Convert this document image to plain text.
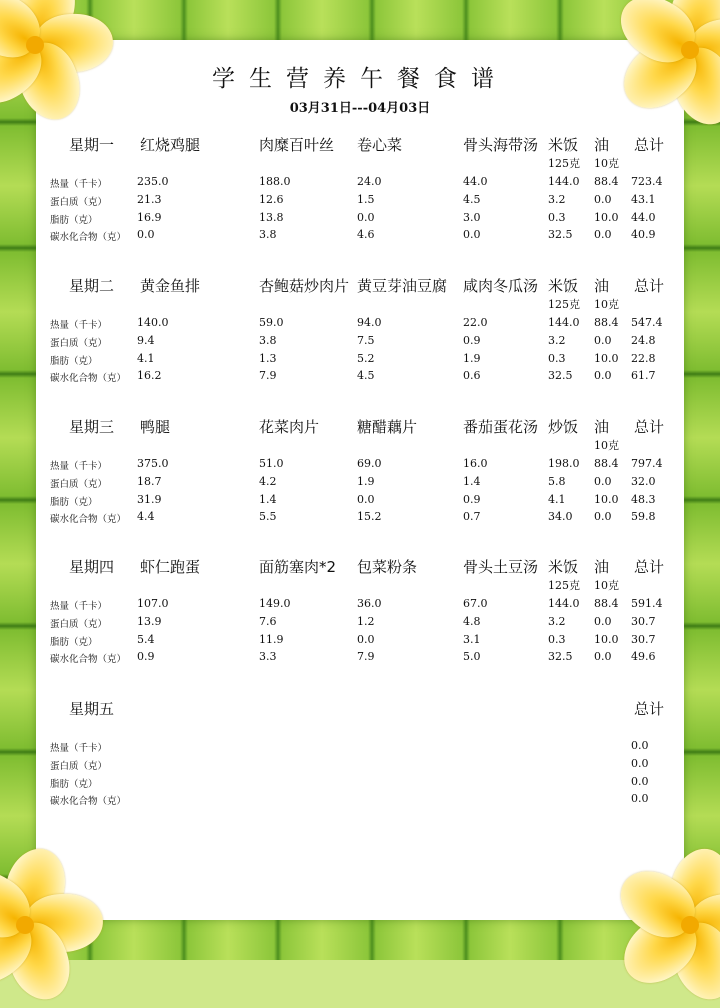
学生营养午餐食谱
03月31日---04月03日
星期一 红烧鸡腿	肉糜百叶丝 卷心菜	骨头海带汤 米饭 油 总计
125克 10克
热量（千卡）	235.0	188.0	24.0	44.0	144.0 88.4 723.4
蛋白质（克）	21.3	12.6	1.5	4.5	3.2	0.0 43.1
脂肪（克）	16.9	13.8	0.0	3.0	0.3	10.0 44.0
碳水化合物（克） 0.0	3.8	4.6	0.0	32.5 0.0 40.9
星期二 黄金鱼排	杏鲍菇炒肉片 黄豆芽油豆腐 咸肉冬瓜汤 米饭 油 总计
125克 10克
热量（千卡）	140.0	59.0	94.0	22.0	144.0 88.4 547.4
蛋白质（克）	9.4	3.8	7.5	0.9	3.2	0.0 24.8
脂肪（克）	4.1	1.3	5.2	1.9	0.3	10.0 22.8
碳水化合物（克） 16.2	7.9	4.5	0.6	32.5 0.0 61.7
星期三 鸭腿	花菜肉片	糖醋藕片	番茄蛋花汤 炒饭 油 总计
10克
热量（千卡）	375.0	51.0	69.0	16.0	198.0 88.4 797.4
蛋白质（克）	18.7	4.2	1.9	1.4	5.8	0.0 32.0
脂肪（克）	31.9	1.4	0.0	0.9	4.1	10.0 48.3
碳水化合物（克） 4.4	5.5	15.2	0.7	34.0 0.0 59.8
星期四 虾仁跑蛋	面筋塞肉*2 包菜粉条	骨头土豆汤 米饭 油 总计
125克 10克
热量（千卡）	107.0	149.0	36.0	67.0	144.0 88.4 591.4
蛋白质（克）	13.9	7.6	1.2	4.8	3.2	0.0 30.7
脂肪（克）	5.4	11.9	0.0	3.1	0.3	10.0 30.7
碳水化合物（克） 0.9	3.3	7.9	5.0	32.5 0.0 49.6
星期五	总计
热量（千卡）	0.0
蛋白质（克）	0.0
脂肪（克）	0.0
碳水化合物（克）	0.0
